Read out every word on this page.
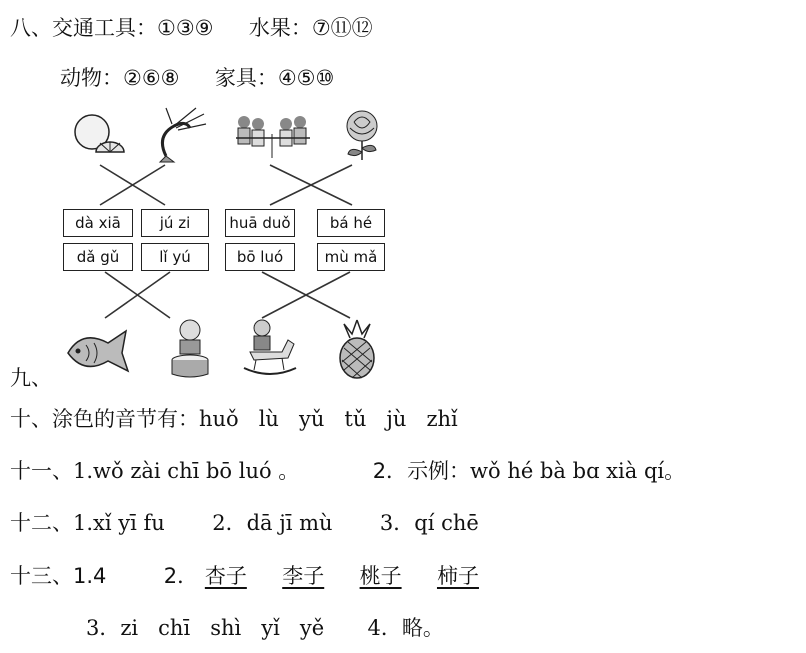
八、交通工具：①③⑨ 水果：⑦⑪⑫
动物：②⑥⑧ 家具：④⑤⑩
dà xiā	jú zi	huā duǒ	bá hé
dǎ gǔ	lǐ yú	bō luó	mù mǎ
九、
十、涂色的音节有：huǒ   lù   yǔ   tǔ   jù   zhǐ
十一、1.wǒ zài chī bō luó 。	2．示例：wǒ hé bà bɑ xià qí。
十二、1.xǐ yī fu 2．dā jī mù 3．qí chē
十三、1.4	2． 杏子 李子 桃子 柿子
3．zi   chī   shì   yǐ   yě 4．略。
